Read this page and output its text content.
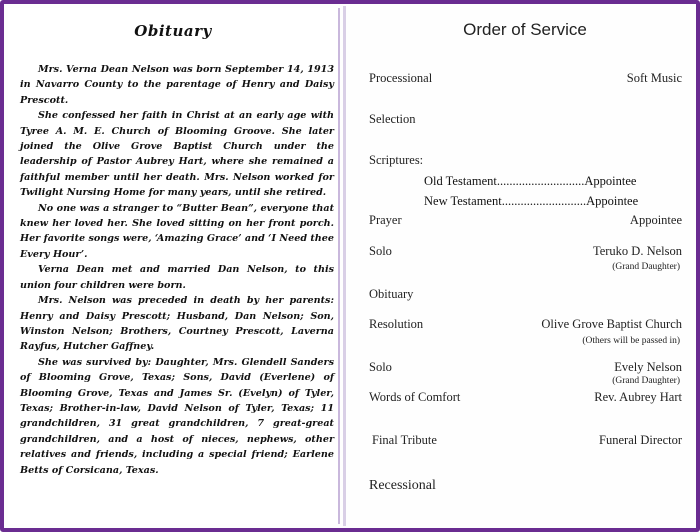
Obituary

Mrs. Verna Dean Nelson was born September 14, 1913 in Navarro County to the parentage of Henry and Daisy Prescott.

She confessed her faith in Christ at an early age with Tyree A. M. E. Church of Blooming Groove. She later joined the Olive Grove Baptist Church under the leadership of Pastor Aubrey Hart, where she remained a faithful member until her death. Mrs. Nelson worked for Twilight Nursing Home for many years, until she retired.

No one was a stranger to “Butter Bean”, everyone that knew her loved her. She loved sitting on her front porch. Her favorite songs were, ‘Amazing Grace’ and ‘I Need thee Every Hour’.

Verna Dean met and married Dan Nelson, to this union four children were born.

Mrs. Nelson was preceded in death by her parents: Henry and Daisy Prescott; Husband, Dan Nelson; Son, Winston Nelson; Brothers, Courtney Prescott, Laverna Rayfus, Hutcher Gaffney.

She was survived by: Daughter, Mrs. Glendell Sanders of Blooming Grove, Texas; Sons, David (Everlene) of Blooming Grove, Texas and James Sr. (Evelyn) of Tyler, Texas; Brother-in-law, David Nelson of Tyler, Texas; 11 grandchildren, 31 great grandchildren, 7 great-great grandchildren, and a host of nieces, nephews, other relatives and friends, including a special friend; Earlene Betts of Corsicana, Texas.

Order of Service
Processional	Soft Music
Selection
Scriptures:
Old Testament............................Appointee
New Testament...........................Appointee
Prayer	Appointee
Solo	Teruko D. Nelson
(Grand Daughter)
Obituary
Resolution	Olive Grove Baptist Church
(Others will be passed in)
Solo	Evely Nelson
(Grand Daughter)
Words of Comfort	Rev. Aubrey Hart
Final Tribute	Funeral Director
Recessional
